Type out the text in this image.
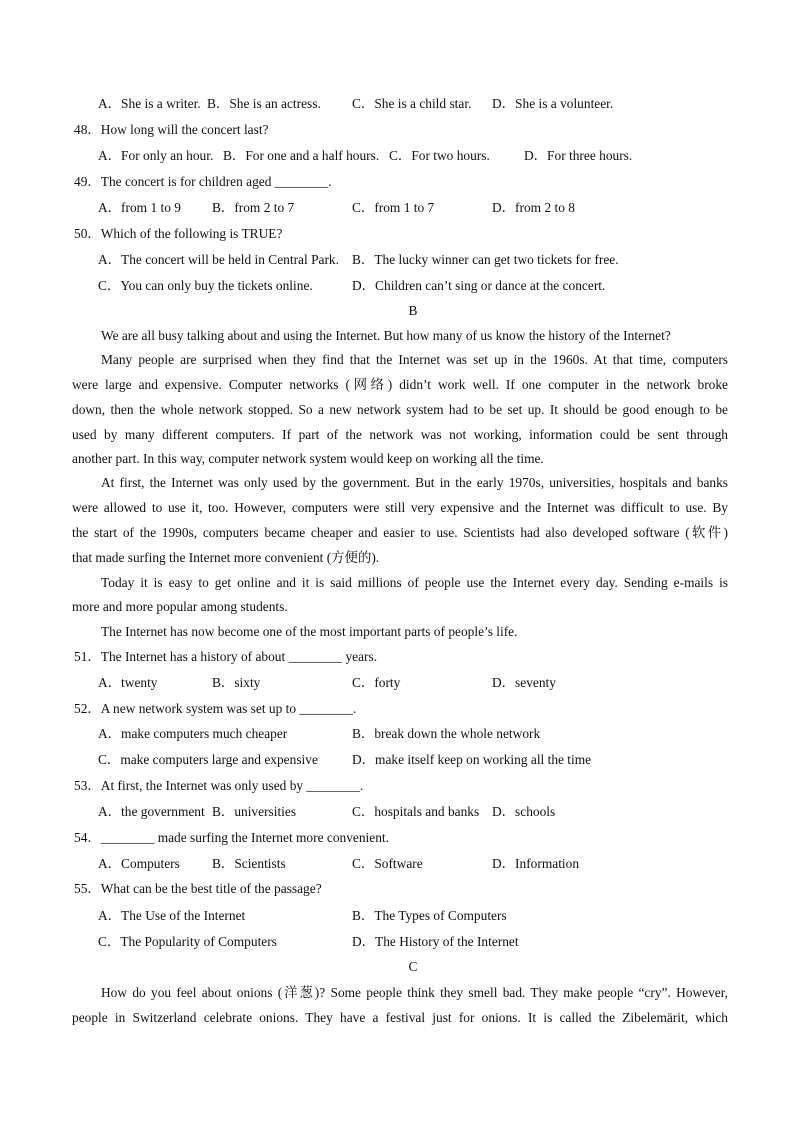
A．She is a writer. B．She is an actress. C．She is a child star. D．She is a volunteer.
48．How long will the concert last?
A．For only an hour. B．For one and a half hours. C．For two hours.	D．For three hours.
49．The concert is for children aged ________.
A．from 1 to 9 B．from 2 to 7	C．from 1 to 7	D．from 2 to 8
50．Which of the following is TRUE?
A．The concert will be held in Central Park. B．The lucky winner can get two tickets for free.
C．You can only buy the tickets online.	D．Children can’t sing or dance at the concert.
B
We are all busy talking about and using the Internet. But how many of us know the history of the Internet?
Many people are surprised when they find that the Internet was set up in the 1960s. At that time, computers
were large and expensive. Computer networks (网络) didn’t work well. If one computer in the network broke
down, then the whole network stopped. So a new network system had to be set up. It should be good enough to be
used by many different computers. If part of the network was not working, information could be sent through
another part. In this way, computer network system would keep on working all the time.
At first, the Internet was only used by the government. But in the early 1970s, universities, hospitals and banks
were allowed to use it, too. However, computers were still very expensive and the Internet was difficult to use. By
the start of the 1990s, computers became cheaper and easier to use. Scientists had also developed software (软件)
that made surfing the Internet more convenient (方便的).
Today it is easy to get online and it is said millions of people use the Internet every day. Sending e-mails is
more and more popular among students.
The Internet has now become one of the most important parts of people’s life.
51．The Internet has a history of about ________ years.
A．twenty	B．sixty	C．forty	D．seventy
52．A new network system was set up to ________.
A．make computers much cheaper	B．break down the whole network
C．make computers large and expensive	D．make itself keep on working all the time
53．At first, the Internet was only used by ________.
A．the government B．universities	C．hospitals and banks D．schools
54．________ made surfing the Internet more convenient.
A．Computers B．Scientists	C．Software	D．Information
55．What can be the best title of the passage?
A．The Use of the Internet	B．The Types of Computers
C．The Popularity of Computers	D．The History of the Internet
C
How do you feel about onions (洋葱)? Some people think they smell bad. They make people “cry”. However,
people in Switzerland celebrate onions. They have a festival just for onions. It is called the Zibelemärit, which
